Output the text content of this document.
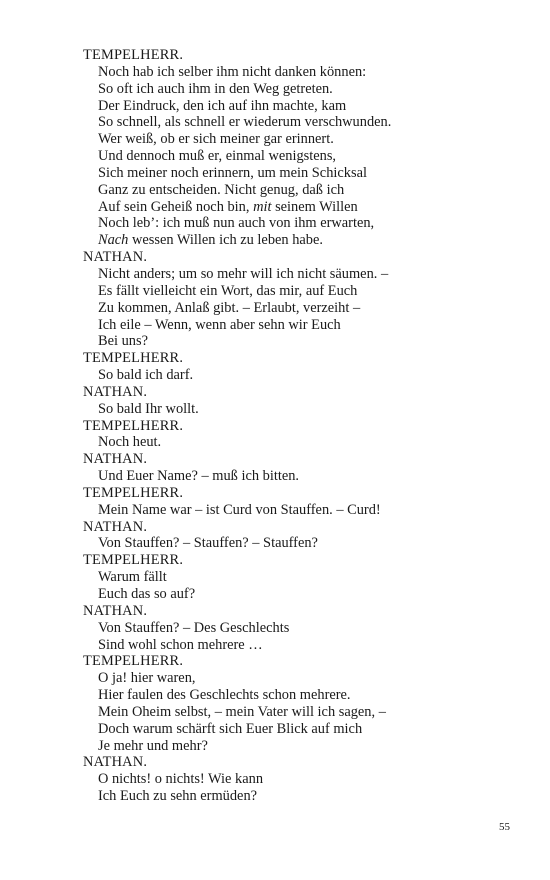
TEMPELHERR.
Noch hab ich selber ihm nicht danken können:
So oft ich auch ihm in den Weg getreten.
Der Eindruck, den ich auf ihn machte, kam
So schnell, als schnell er wiederum verschwunden.
Wer weiß, ob er sich meiner gar erinnert.
Und dennoch muß er, einmal wenigstens,
Sich meiner noch erinnern, um mein Schicksal
Ganz zu entscheiden. Nicht genug, daß ich
Auf sein Geheiß noch bin, mit seinem Willen
Noch leb’: ich muß nun auch von ihm erwarten,
Nach wessen Willen ich zu leben habe.
NATHAN.
Nicht anders; um so mehr will ich nicht säumen. –
Es fällt vielleicht ein Wort, das mir, auf Euch
Zu kommen, Anlaß gibt. – Erlaubt, verzeiht –
Ich eile – Wenn, wenn aber sehn wir Euch
Bei uns?
TEMPELHERR.
So bald ich darf.
NATHAN.
So bald Ihr wollt.
TEMPELHERR.
Noch heut.
NATHAN.
Und Euer Name? – muß ich bitten.
TEMPELHERR.
Mein Name war – ist Curd von Stauffen. – Curd!
NATHAN.
Von Stauffen? – Stauffen? – Stauffen?
TEMPELHERR.
Warum fällt
Euch das so auf?
NATHAN.
Von Stauffen? – Des Geschlechts
Sind wohl schon mehrere …
TEMPELHERR.
O ja! hier waren,
Hier faulen des Geschlechts schon mehrere.
Mein Oheim selbst, – mein Vater will ich sagen, –
Doch warum schärft sich Euer Blick auf mich
Je mehr und mehr?
NATHAN.
O nichts! o nichts! Wie kann
Ich Euch zu sehn ermüden?
55
